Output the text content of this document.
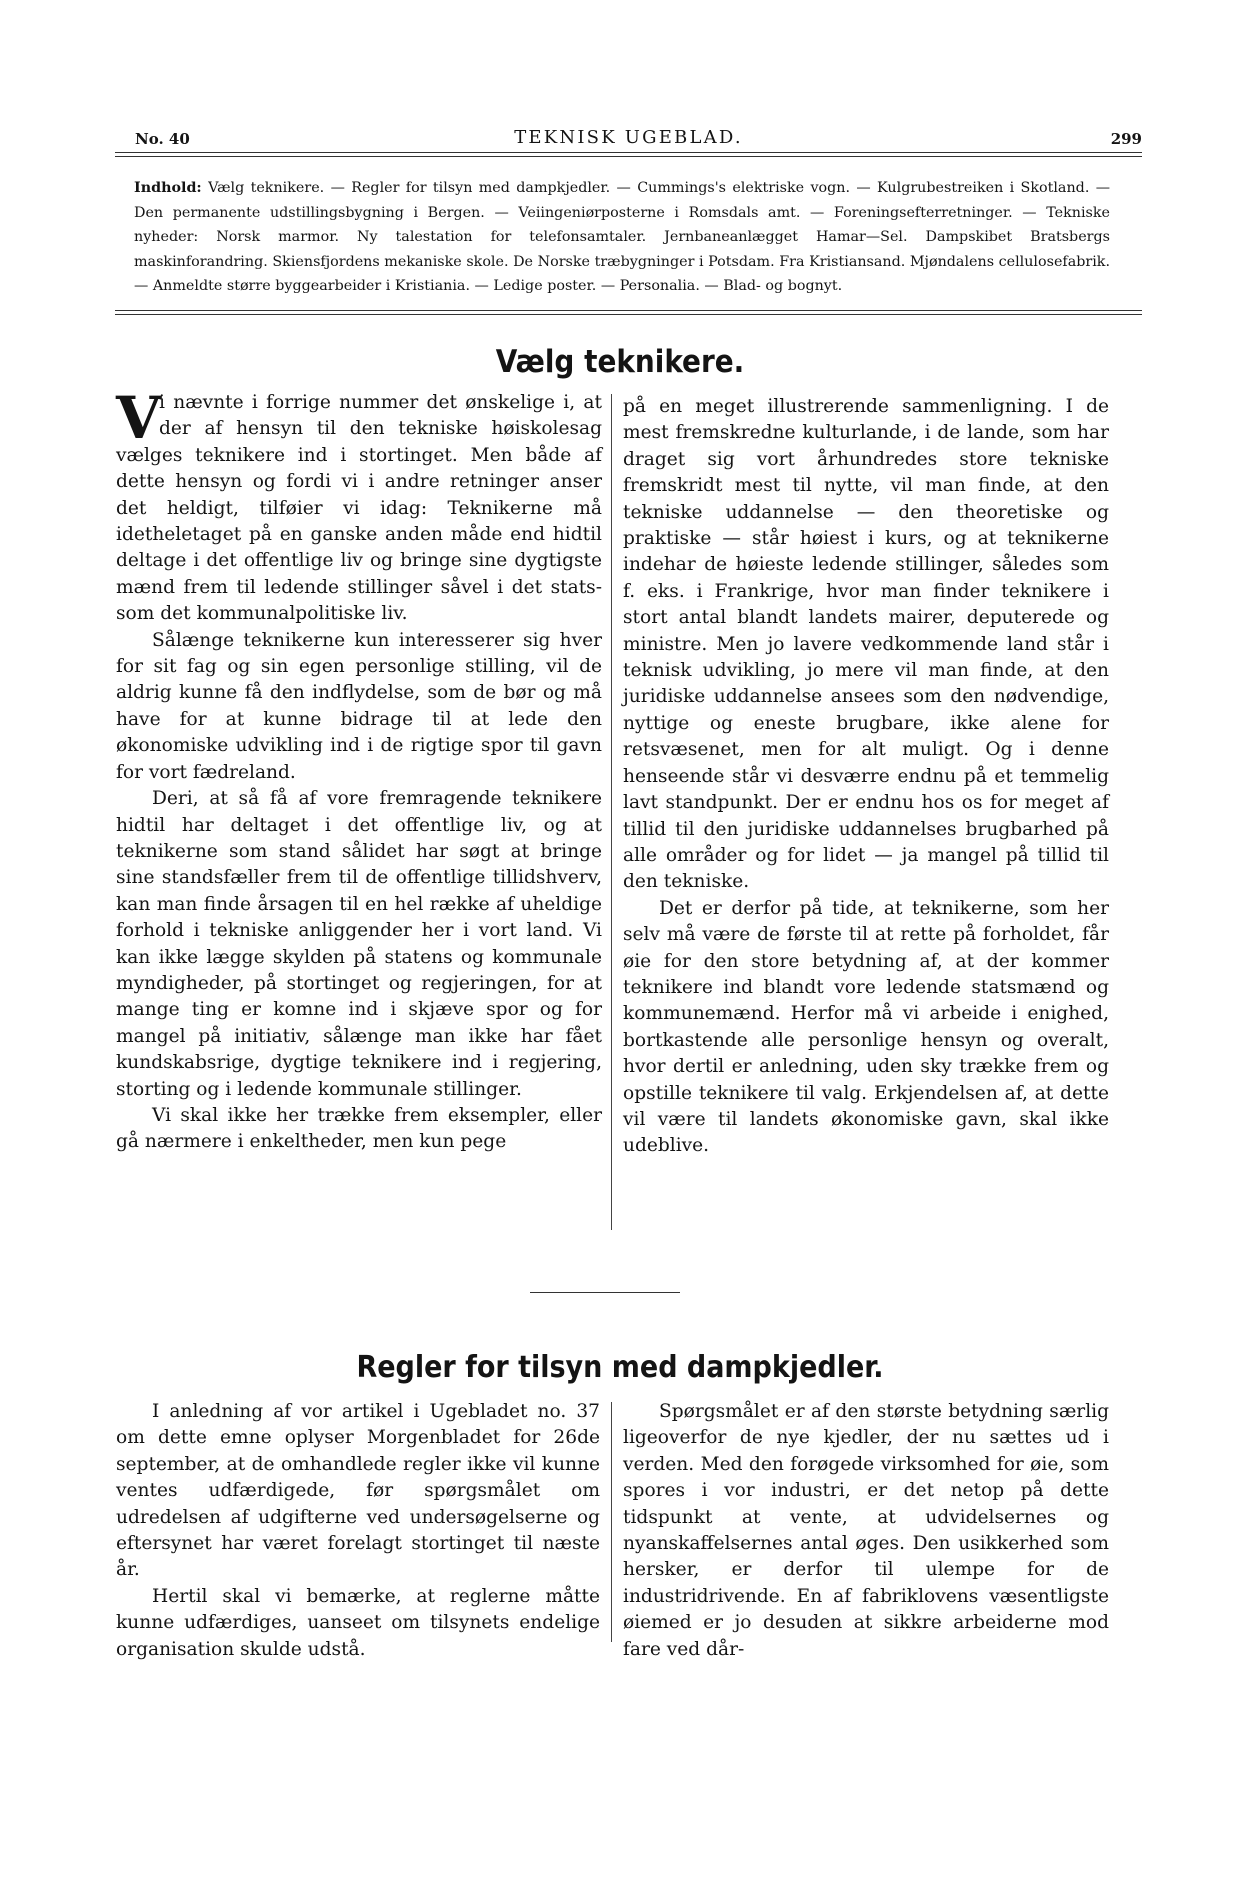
No. 40	TEKNISK UGEBLAD.	299
Indhold: Vælg teknikere. — Regler for tilsyn med dampkjedler. — Cummings's elektriske vogn. — Kulgrubestreiken i Skotland. — Den permanente udstillingsbygning i Bergen. — Veiingeniørposterne i Romsdals amt. — Foreningsefterretninger. — Tekniske nyheder: Norsk marmor. Ny talestation for telefonsamtaler. Jernbaneanlægget Hamar—Sel. Dampskibet Bratsbergs maskinforandring. Skiensfjordens mekaniske skole. De Norske træbygninger i Potsdam. Fra Kristiansand. Mjøndalens cellulosefabrik. — Anmeldte større byggearbeider i Kristiania. — Ledige poster. — Personalia. — Blad- og bognyt.
Vælg teknikere.

V
i nævnte i forrige nummer det ønskelige i, at der af hensyn til den tekniske høiskolesag vælges teknikere ind i stortinget. Men både af dette hensyn og fordi vi i andre retninger anser det heldigt, tilføier vi idag: Teknikerne må idetheletaget på en ganske anden måde end hidtil deltage i det offentlige liv og bringe sine dygtigste mænd frem til ledende stillinger såvel i det stats- som det kommunalpolitiske liv.

Sålænge teknikerne kun interesserer sig hver for sit fag og sin egen personlige stilling, vil de aldrig kunne få den indflydelse, som de bør og må have for at kunne bidrage til at lede den økonomiske udvikling ind i de rigtige spor til gavn for vort fædreland.

Deri, at så få af vore fremragende teknikere hidtil har deltaget i det offentlige liv, og at teknikerne som stand sålidet har søgt at bringe sine standsfæller frem til de offentlige tillidshverv, kan man finde årsagen til en hel række af uheldige forhold i tekniske anliggender her i vort land. Vi kan ikke lægge skylden på statens og kommunale myndigheder, på stortinget og regjeringen, for at mange ting er komne ind i skjæve spor og for mangel på initiativ, sålænge man ikke har fået kundskabsrige, dygtige teknikere ind i regjering, storting og i ledende kommunale stillinger.

Vi skal ikke her trække frem eksempler, eller gå nærmere i enkeltheder, men kun pege

på en meget illustrerende sammenligning. I de mest fremskredne kulturlande, i de lande, som har draget sig vort århundredes store tekniske fremskridt mest til nytte, vil man finde, at den tekniske uddannelse — den theoretiske og praktiske — står høiest i kurs, og at teknikerne indehar de høieste ledende stillinger, således som f. eks. i Frankrige, hvor man finder teknikere i stort antal blandt landets mairer, deputerede og ministre. Men jo lavere vedkommende land står i teknisk udvikling, jo mere vil man finde, at den juridiske uddannelse ansees som den nødvendige, nyttige og eneste brugbare, ikke alene for retsvæsenet, men for alt muligt. Og i denne henseende står vi desværre endnu på et temmelig lavt standpunkt. Der er endnu hos os for meget af tillid til den juridiske uddannelses brugbarhed på alle områder og for lidet — ja mangel på tillid til den tekniske.

Det er derfor på tide, at teknikerne, som her selv må være de første til at rette på forholdet, får øie for den store betydning af, at der kommer teknikere ind blandt vore ledende statsmænd og kommunemænd. Herfor må vi arbeide i enighed, bortkastende alle personlige hensyn og overalt, hvor dertil er anledning, uden sky trække frem og opstille teknikere til valg. Erkjendelsen af, at dette vil være til landets økonomiske gavn, skal ikke udeblive.

Regler for tilsyn med dampkjedler.

I anledning af vor artikel i Ugebladet no. 37 om dette emne oplyser Morgenbladet for 26de september, at de omhandlede regler ikke vil kunne ventes udfærdigede, før spørgsmålet om udredelsen af udgifterne ved undersøgelserne og eftersynet har været forelagt stortinget til næste år.

Hertil skal vi bemærke, at reglerne måtte kunne udfærdiges, uanseet om tilsynets endelige organisation skulde udstå.

Spørgsmålet er af den største betydning særlig ligeoverfor de nye kjedler, der nu sættes ud i verden. Med den forøgede virksomhed for øie, som spores i vor industri, er det netop på dette tidspunkt at vente, at udvidelsernes og nyanskaffelsernes antal øges. Den usikkerhed som hersker, er derfor til ulempe for de industridrivende. En af fabriklovens væsentligste øiemed er jo desuden at sikkre arbeiderne mod fare ved dår-
